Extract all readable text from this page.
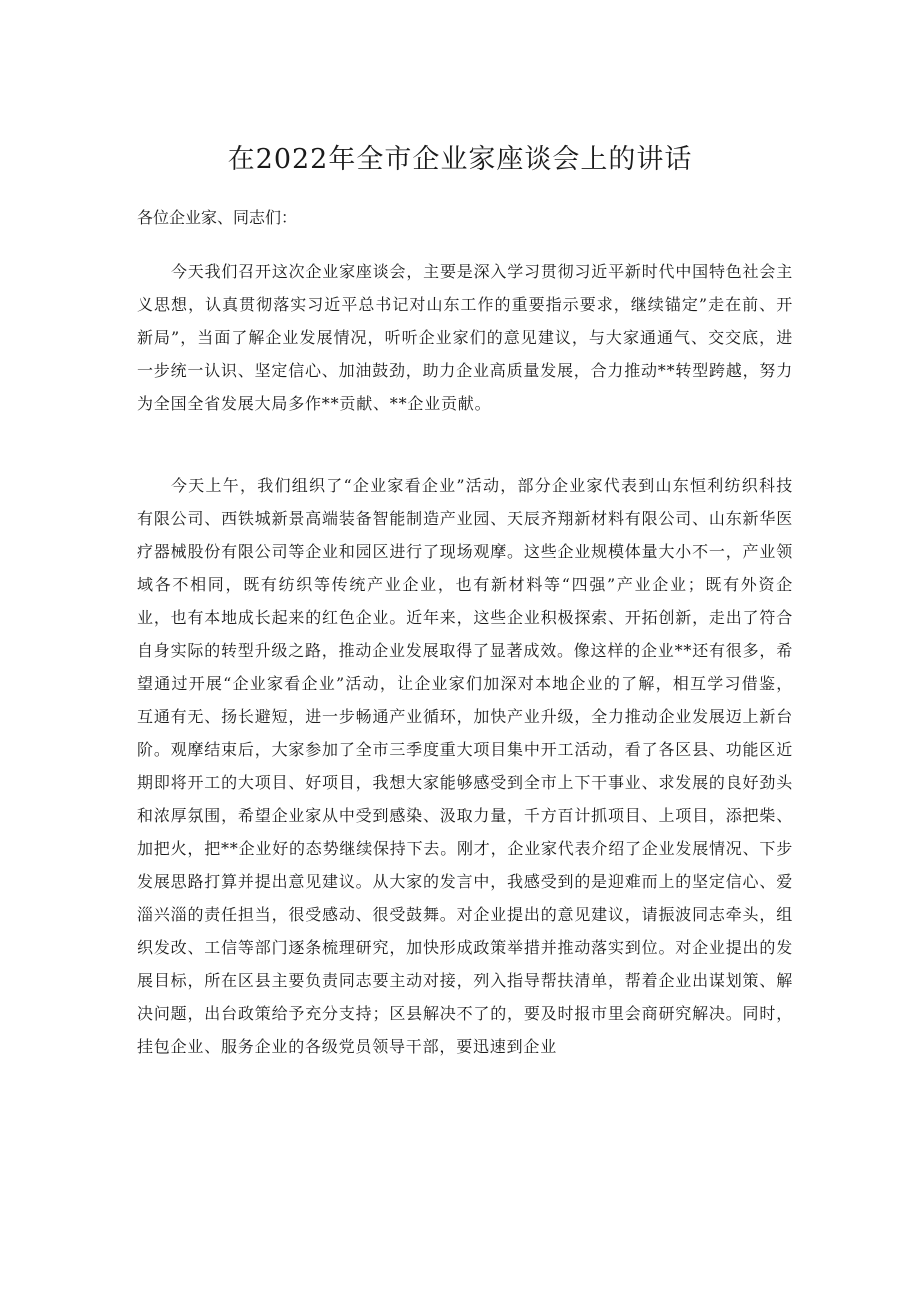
在2022年全市企业家座谈会上的讲话

各位企业家、同志们：

今天我们召开这次企业家座谈会，主要是深入学习贯彻习近平新时代中国特色社会主义思想，认真贯彻落实习近平总书记对山东工作的重要指示要求，继续锚定”走在前、开新局”，当面了解企业发展情况，听听企业家们的意见建议，与大家通通气、交交底，进一步统一认识、坚定信心、加油鼓劲，助力企业高质量发展，合力推动**转型跨越，努力为全国全省发展大局多作**贡献、**企业贡献。

今天上午，我们组织了“企业家看企业”活动，部分企业家代表到山东恒利纺织科技有限公司、西铁城新景高端装备智能制造产业园、天辰齐翔新材料有限公司、山东新华医疗器械股份有限公司等企业和园区进行了现场观摩。这些企业规模体量大小不一，产业领域各不相同，既有纺织等传统产业企业，也有新材料等“四强”产业企业；既有外资企业，也有本地成长起来的红色企业。近年来，这些企业积极探索、开拓创新，走出了符合自身实际的转型升级之路，推动企业发展取得了显著成效。像这样的企业**还有很多，希望通过开展“企业家看企业”活动，让企业家们加深对本地企业的了解，相互学习借鉴，互通有无、扬长避短，进一步畅通产业循环，加快产业升级，全力推动企业发展迈上新台阶。观摩结束后，大家参加了全市三季度重大项目集中开工活动，看了各区县、功能区近期即将开工的大项目、好项目，我想大家能够感受到全市上下干事业、求发展的良好劲头和浓厚氛围，希望企业家从中受到感染、汲取力量，千方百计抓项目、上项目，添把柴、加把火，把**企业好的态势继续保持下去。刚才，企业家代表介绍了企业发展情况、下步发展思路打算并提出意见建议。从大家的发言中，我感受到的是迎难而上的坚定信心、爱淄兴淄的责任担当，很受感动、很受鼓舞。对企业提出的意见建议，请振波同志牵头，组织发改、工信等部门逐条梳理研究，加快形成政策举措并推动落实到位。对企业提出的发展目标，所在区县主要负责同志要主动对接，列入指导帮扶清单，帮着企业出谋划策、解决问题，出台政策给予充分支持；区县解决不了的，要及时报市里会商研究解决。同时，挂包企业、服务企业的各级党员领导干部，要迅速到企业
